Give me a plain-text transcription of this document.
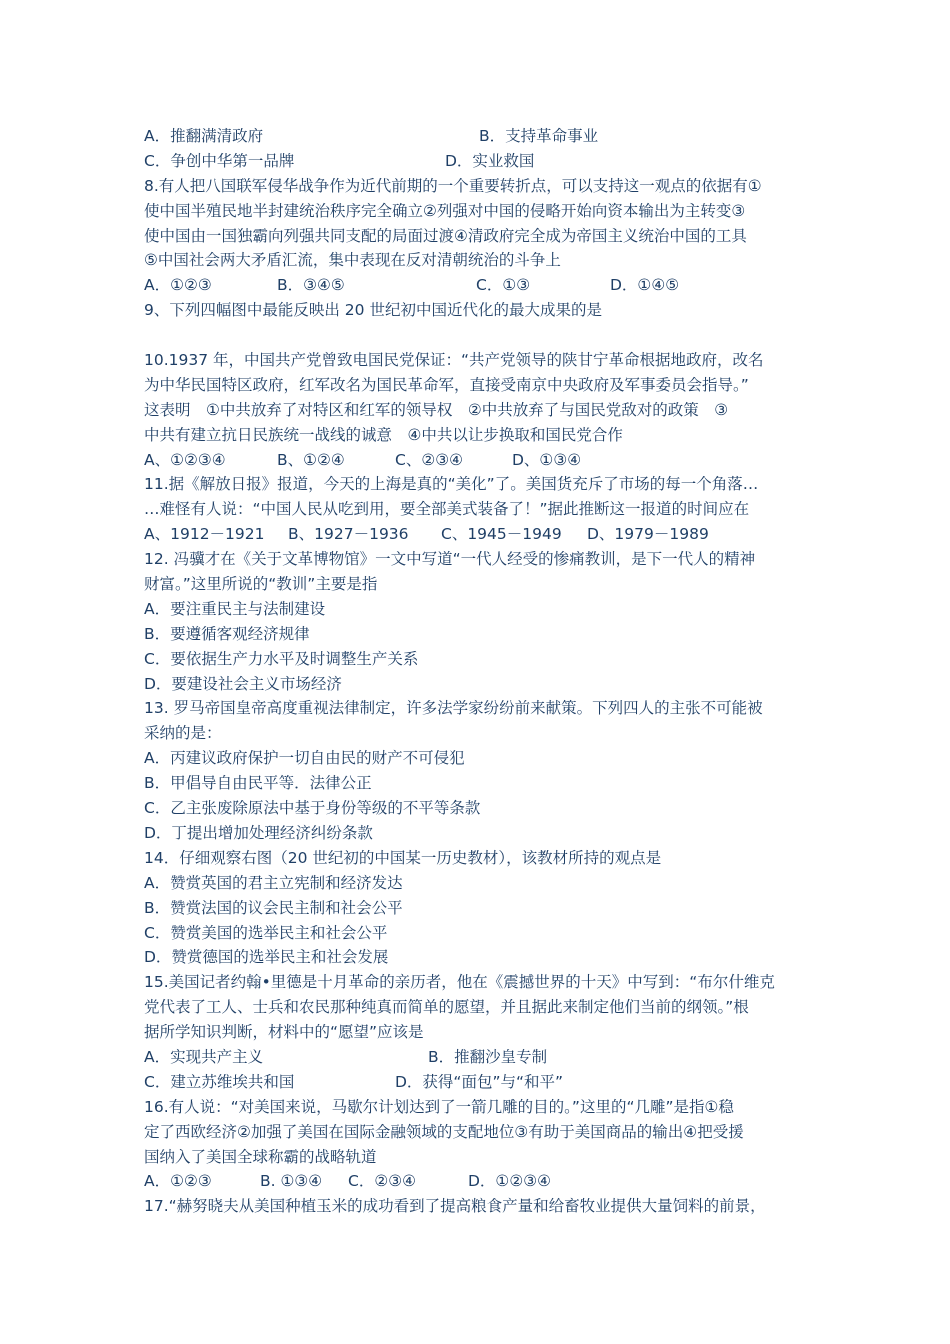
A．推翻满清政府	B．支持革命事业
C．争创中华第一品牌	D．实业救国
8.有人把八国联军侵华战争作为近代前期的一个重要转折点，可以支持这一观点的依据有①
使中国半殖民地半封建统治秩序完全确立②列强对中国的侵略开始向资本输出为主转变③
使中国由一国独霸向列强共同支配的局面过渡④清政府完全成为帝国主义统治中国的工具
⑤中国社会两大矛盾汇流，集中表现在反对清朝统治的斗争上
A．①②③	B．③④⑤	C．①③	D．①④⑤
9、下列四幅图中最能反映出 20 世纪初中国近代化的最大成果的是
10.1937 年，中国共产党曾致电国民党保证：“共产党领导的陕甘宁革命根据地政府，改名
为中华民国特区政府，红军改名为国民革命军，直接受南京中央政府及军事委员会指导。”
这表明　①中共放弃了对特区和红军的领导权　②中共放弃了与国民党敌对的政策　③
中共有建立抗日民族统一战线的诚意　④中共以让步换取和国民党合作
A、①②③④	B、①②④	C、②③④	D、①③④
11.据《解放日报》报道，今天的上海是真的“美化”了。美国货充斥了市场的每一个角落…
…难怪有人说：“中国人民从吃到用，要全部美式装备了！”据此推断这一报道的时间应在
A、1912－1921	B、1927－1936	C、1945－1949	D、1979－1989
12. 冯骥才在《关于文革博物馆》一文中写道“一代人经受的惨痛教训，是下一代人的精神
财富。”这里所说的“教训”主要是指
A．要注重民主与法制建设
B．要遵循客观经济规律
C．要依据生产力水平及时调整生产关系
D．要建设社会主义市场经济
13. 罗马帝国皇帝高度重视法律制定，许多法学家纷纷前来献策。下列四人的主张不可能被
采纳的是：
A．丙建议政府保护一切自由民的财产不可侵犯
B．甲倡导自由民平等．法律公正
C．乙主张废除原法中基于身份等级的不平等条款
D．丁提出增加处理经济纠纷条款
14．仔细观察右图（20 世纪初的中国某一历史教材），该教材所持的观点是
A．赞赏英国的君主立宪制和经济发达
B．赞赏法国的议会民主制和社会公平
C．赞赏美国的选举民主和社会公平
D．赞赏德国的选举民主和社会发展
15.美国记者约翰•里德是十月革命的亲历者，他在《震撼世界的十天》中写到：“布尔什维克
党代表了工人、士兵和农民那种纯真而简单的愿望，并且据此来制定他们当前的纲领。”根
据所学知识判断，材料中的“愿望”应该是
A．实现共产主义	B．推翻沙皇专制
C．建立苏维埃共和国	D．获得“面包”与“和平”
16.有人说：“对美国来说，马歇尔计划达到了一箭几雕的目的。”这里的“几雕”是指①稳
定了西欧经济②加强了美国在国际金融领域的支配地位③有助于美国商品的输出④把受援
国纳入了美国全球称霸的战略轨道
A．①②③	B. ①③④	C．②③④	D．①②③④
17.“赫努晓夫从美国种植玉米的成功看到了提高粮食产量和给畜牧业提供大量饲料的前景，
